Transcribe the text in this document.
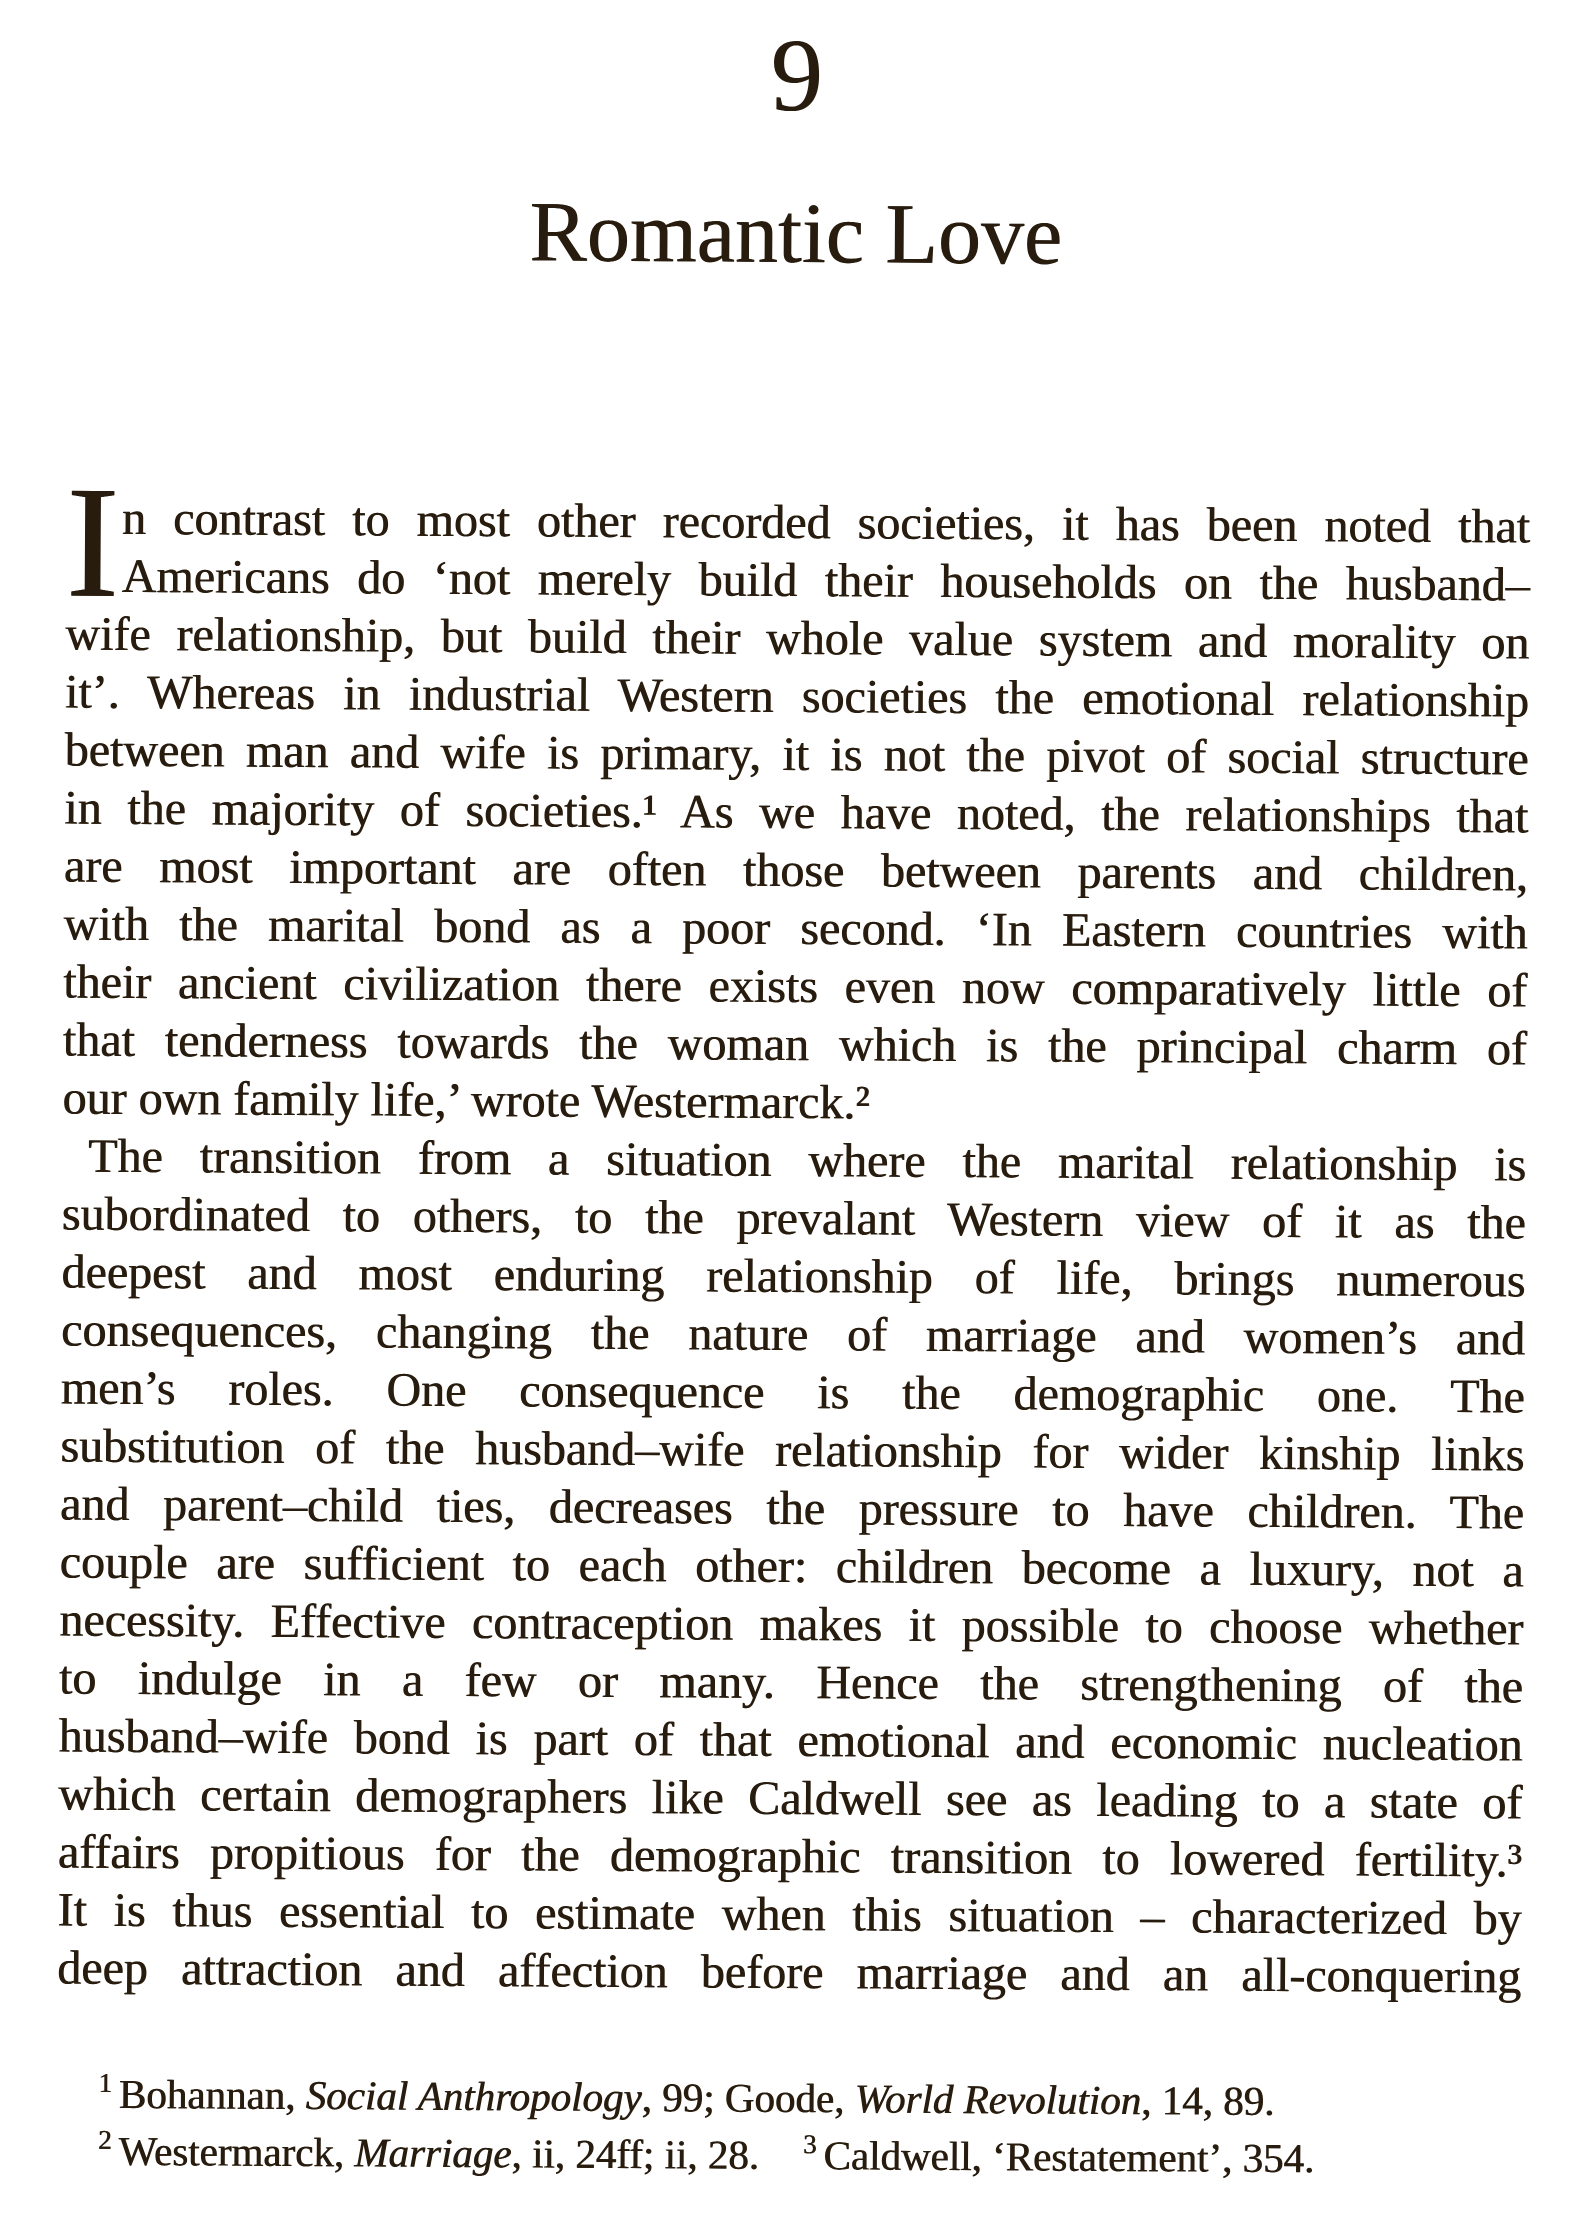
9
Romantic Love
I n contrast to most other recorded societies, it has been noted that
Americans do ‘not merely build their households on the husband–
wife relationship, but build their whole value system and morality on
it’. Whereas in industrial Western societies the emotional relationship
between man and wife is primary, it is not the pivot of social structure
in the majority of societies.¹ As we have noted, the relationships that
are most important are often those between parents and children,
with the marital bond as a poor second. ‘In Eastern countries with
their ancient civilization there exists even now comparatively little of
that tenderness towards the woman which is the principal charm of
our own family life,’ wrote Westermarck.²
The transition from a situation where the marital relationship is
subordinated to others, to the prevalant Western view of it as the
deepest and most enduring relationship of life, brings numerous
consequences, changing the nature of marriage and women’s and
men’s roles. One consequence is the demographic one. The
substitution of the husband–wife relationship for wider kinship links
and parent–child ties, decreases the pressure to have children. The
couple are sufficient to each other: children become a luxury, not a
necessity. Effective contraception makes it possible to choose whether
to indulge in a few or many. Hence the strengthening of the
husband–wife bond is part of that emotional and economic nucleation
which certain demographers like Caldwell see as leading to a state of
affairs propitious for the demographic transition to lowered fertility.³
It is thus essential to estimate when this situation – characterized by
deep attraction and affection before marriage and an all-conquering
1 Bohannan, Social Anthropology, 99; Goode, World Revolution, 14, 89.
2 Westermarck, Marriage, ii, 24ff; ii, 28. 3 Caldwell, ‘Restatement’, 354.
